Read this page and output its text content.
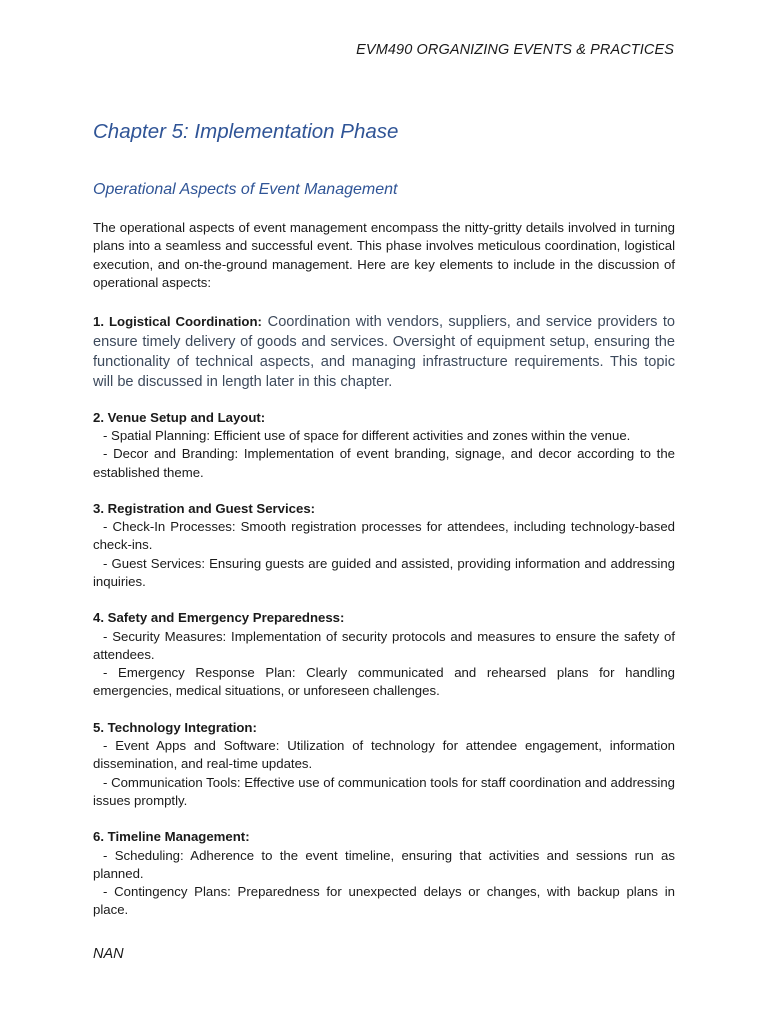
EVM490 ORGANIZING EVENTS & PRACTICES
Chapter 5: Implementation Phase
Operational Aspects of Event Management

The operational aspects of event management encompass the nitty-gritty details involved in turning plans into a seamless and successful event. This phase involves meticulous coordination, logistical execution, and on-the-ground management. Here are key elements to include in the discussion of operational aspects:

1. Logistical Coordination: Coordination with vendors, suppliers, and service providers to ensure timely delivery of goods and services. Oversight of equipment setup, ensuring the functionality of technical aspects, and managing infrastructure requirements. This topic will be discussed in length later in this chapter.

2. Venue Setup and Layout:
- Spatial Planning: Efficient use of space for different activities and zones within the venue.
- Decor and Branding: Implementation of event branding, signage, and decor according to the established theme.
3. Registration and Guest Services:
- Check-In Processes: Smooth registration processes for attendees, including technology-based check-ins.
- Guest Services: Ensuring guests are guided and assisted, providing information and addressing inquiries.
4. Safety and Emergency Preparedness:
- Security Measures: Implementation of security protocols and measures to ensure the safety of attendees.
- Emergency Response Plan: Clearly communicated and rehearsed plans for handling emergencies, medical situations, or unforeseen challenges.
5. Technology Integration:
- Event Apps and Software: Utilization of technology for attendee engagement, information dissemination, and real-time updates.
- Communication Tools: Effective use of communication tools for staff coordination and addressing issues promptly.
6. Timeline Management:
- Scheduling: Adherence to the event timeline, ensuring that activities and sessions run as planned.
- Contingency Plans: Preparedness for unexpected delays or changes, with backup plans in place.
NAN
